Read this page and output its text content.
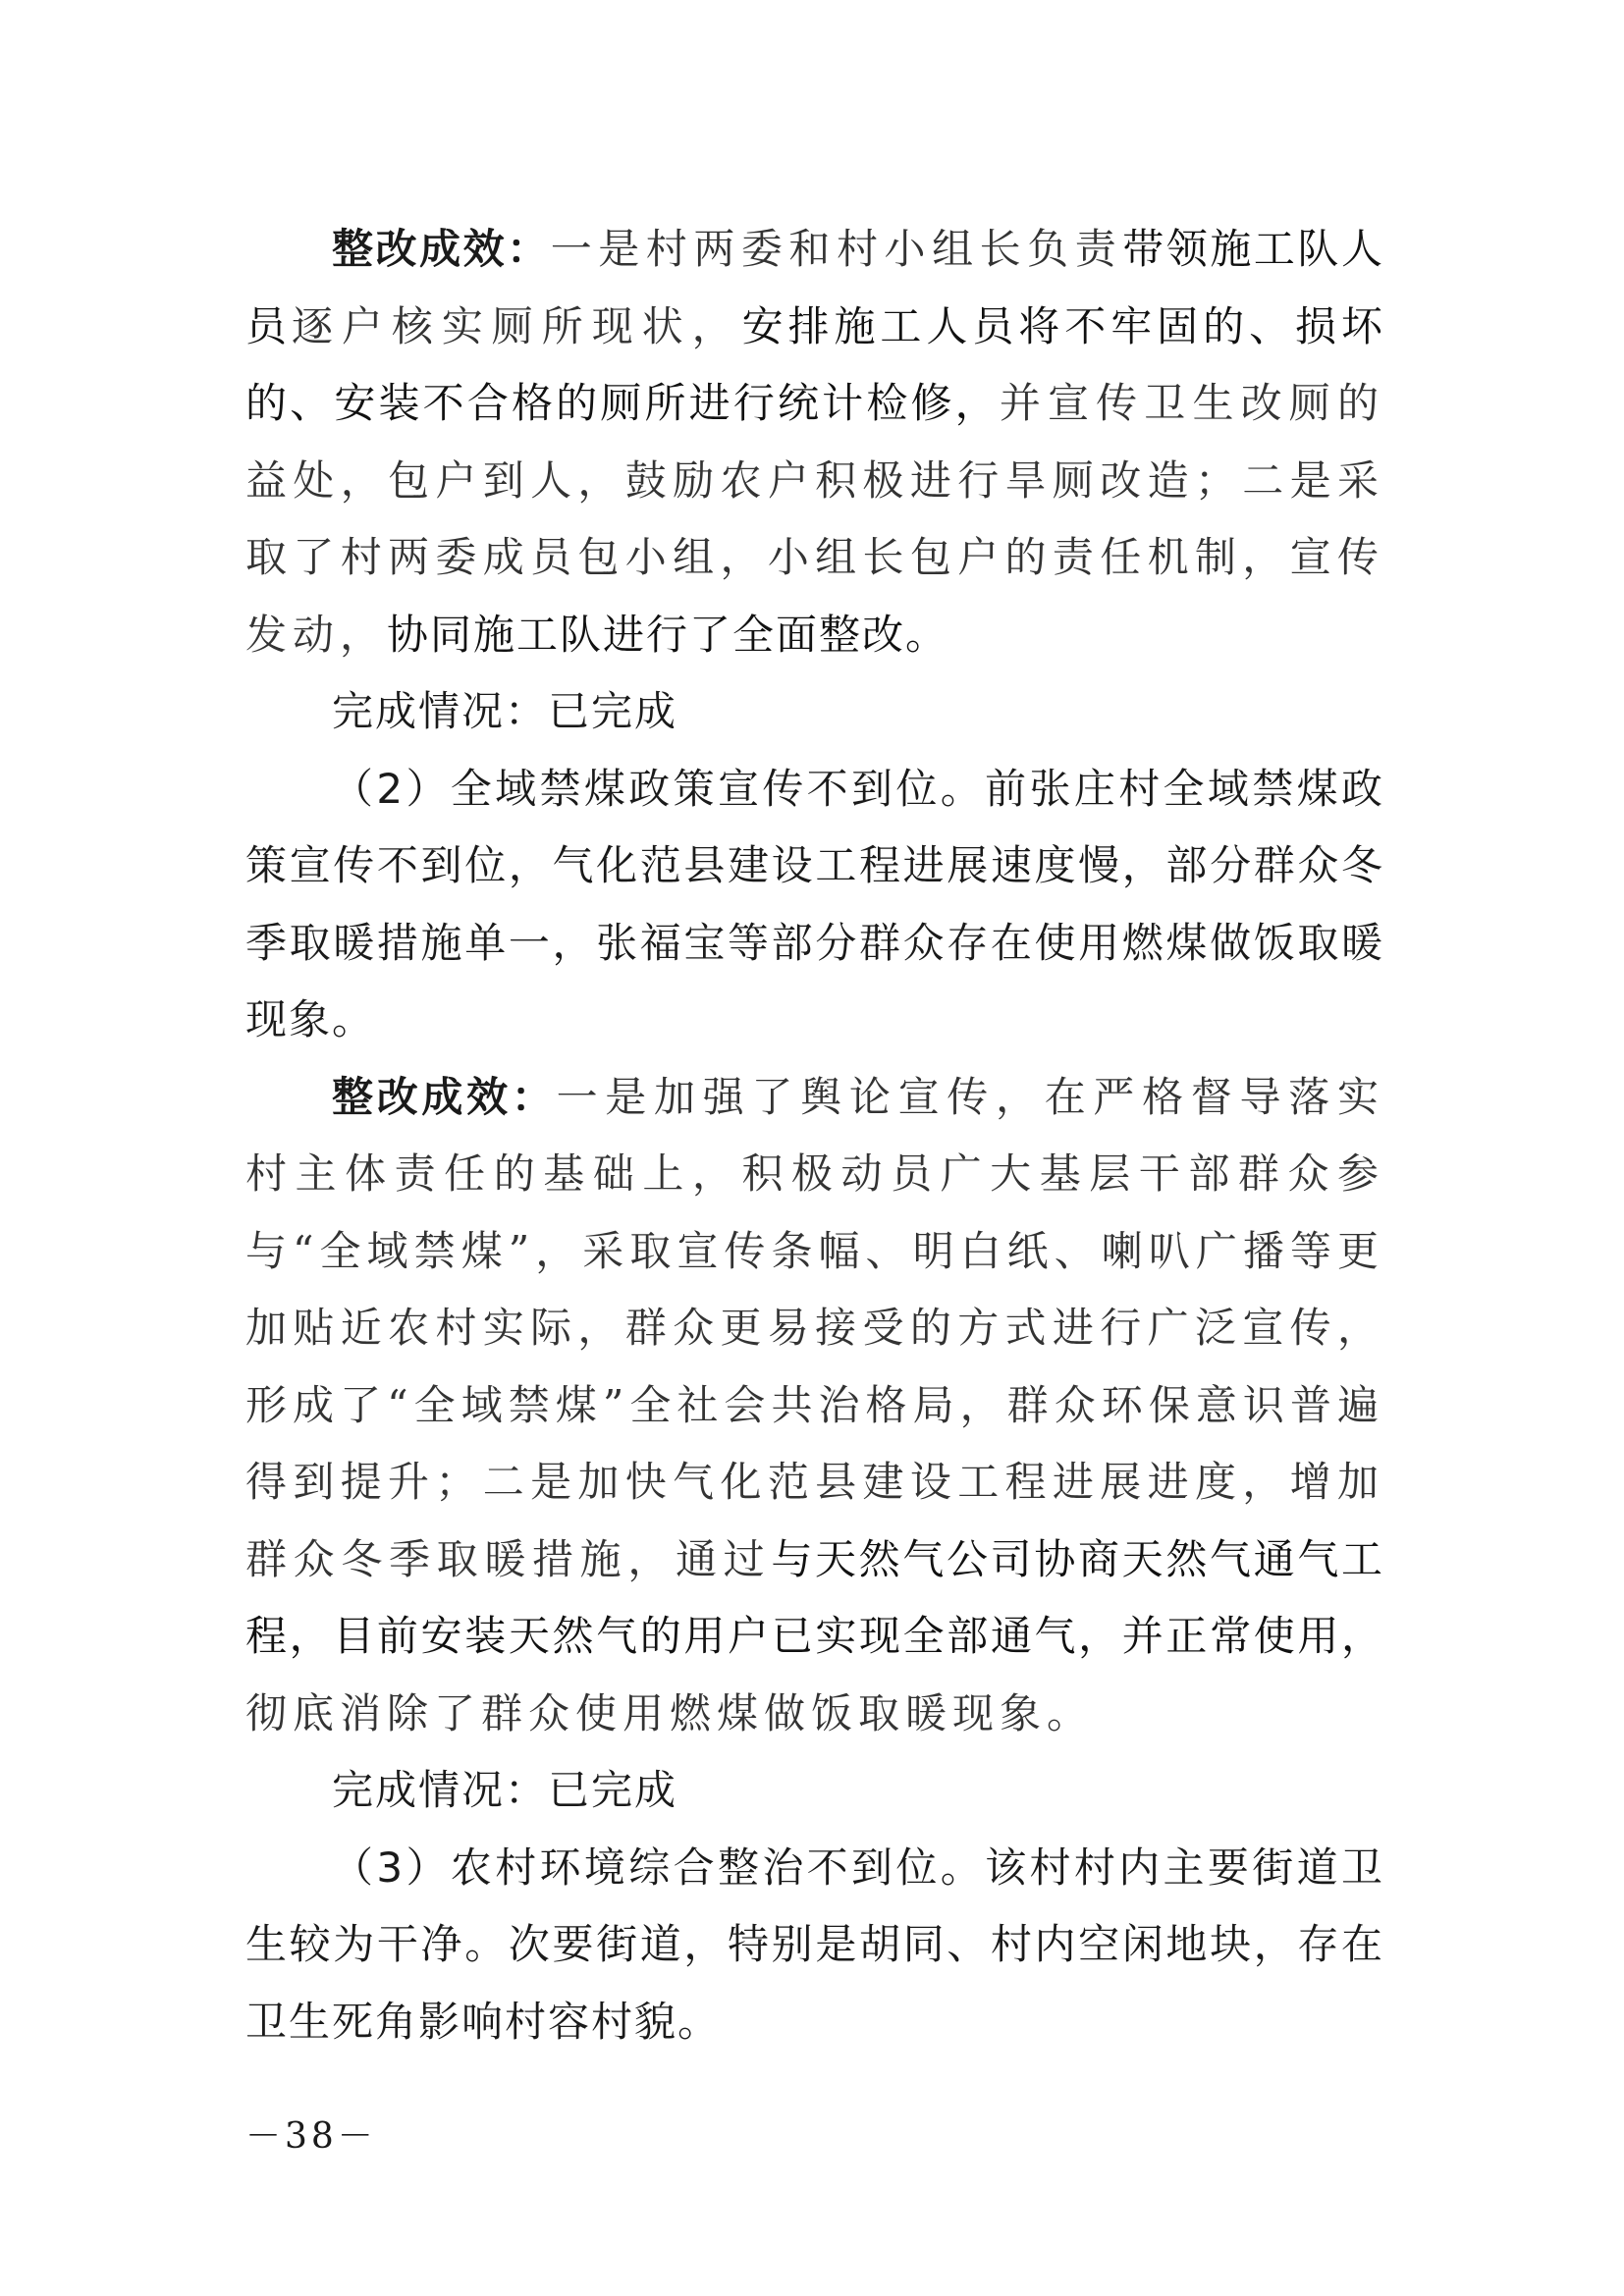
整改成效：一是村两委和村小组长负责带领施工队人员逐户核实厕所现状，安排施工人员将不牢固的、损坏的、安装不合格的厕所进行统计检修，并宣传卫生改厕的益处，包户到人，鼓励农户积极进行旱厕改造；二是采取了村两委成员包小组，小组长包户的责任机制，宣传发动，协同施工队进行了全面整改。

完成情况：已完成

（2）全域禁煤政策宣传不到位。前张庄村全域禁煤政策宣传不到位，气化范县建设工程进展速度慢，部分群众冬季取暖措施单一，张福宝等部分群众存在使用燃煤做饭取暖现象。

整改成效：一是加强了舆论宣传，在严格督导落实村主体责任的基础上，积极动员广大基层干部群众参与“全域禁煤”，采取宣传条幅、明白纸、喇叭广播等更加贴近农村实际，群众更易接受的方式进行广泛宣传，形成了“全域禁煤”全社会共治格局，群众环保意识普遍得到提升；二是加快气化范县建设工程进展进度，增加群众冬季取暖措施，通过与天然气公司协商天然气通气工程，目前安装天然气的用户已实现全部通气，并正常使用，彻底消除了群众使用燃煤做饭取暖现象。

完成情况：已完成

（3）农村环境综合整治不到位。该村村内主要街道卫生较为干净。次要街道，特别是胡同、村内空闲地块，存在卫生死角影响村容村貌。

－38－
